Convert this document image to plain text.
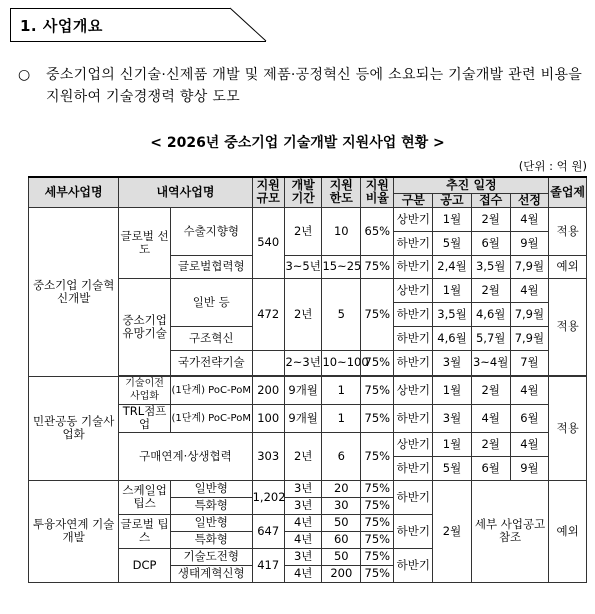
1. 사업개요
○	중소기업의 신기술·신제품 개발 및 제품·공정혁신 등에 소요되는 기술개발 관련 비용을 지원하여 기술경쟁력 향상 도모
< 2026년 중소기업 기술개발 지원사업 현황 >
(단위 : 억 원)
세부사업명	내역사업명		지원 규모	개발 기간	지원 한도	지원 비율	추진 일정				졸업제
							구분	공고	접수	선정	
중소기업 기술혁신개발	글로벌 선도	수출지향형	540	2년	10	65%	상반기	1월	2월	4월	적용
							하반기	5월	6월	9월	
		글로벌협력형		3~5년	15~25	75%	하반기	2,4월	3,5월	7,9월	예외
	중소기업 유망기술	일반 등	472	2년	5	75%	상반기	1월	2월	4월	적용
							하반기	3,5월	4,6월	7,9월	
		구조혁신					하반기	4,6월	5,7월	7,9월	
		국가전략기술		2~3년	10~100	75%	하반기	3월	3~4월	7월	

민관공동 기술사업화	기술이전 사업화	(1단계) PoC-PoM	200	9개월	1	75%	상반기	1월	2월	4월	적용
	TRL점프업	(1단계) PoC-PoM	100	9개월	1	75%	하반기	3월	4월	6월	
	구매연계·상생협력		303	2년	6	75%	상반기	1월	2월	4월	
							하반기	5월	6월	9월	
투융자연계 기술개발	스케일업 팁스	일반형	1,202	3년	20	75%	하반기	2월	세부 사업공고 참조		예외
		특화형		3년	30	75%					
	글로벌 팁스	일반형	647	4년	50	75%	하반기				
		특화형		4년	60	75%					
	DCP	기술도전형	417	3년	50	75%	하반기				
		생태계혁신형		4년	200	75%					
